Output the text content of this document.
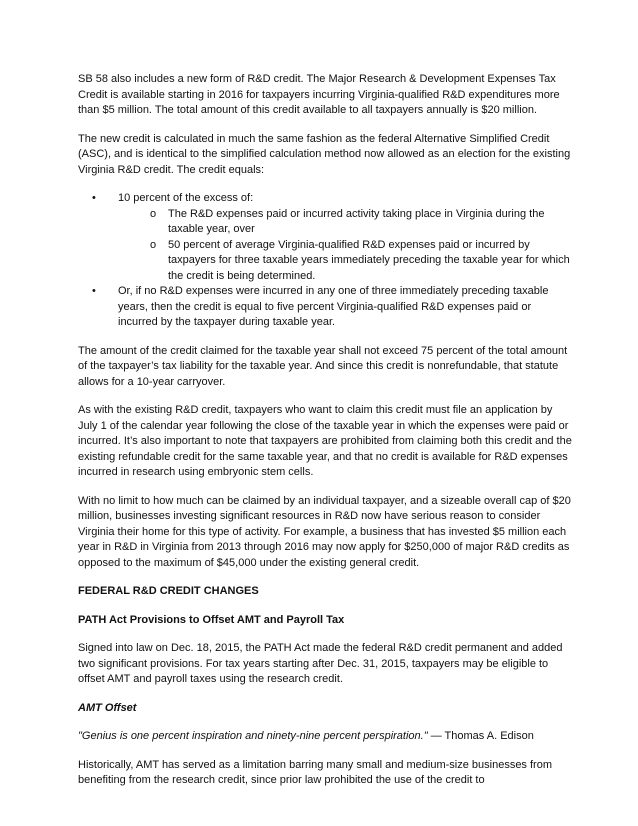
SB 58 also includes a new form of R&D credit. The Major Research & Development Expenses Tax Credit is available starting in 2016 for taxpayers incurring Virginia-qualified R&D expenditures more than $5 million. The total amount of this credit available to all taxpayers annually is $20 million.

The new credit is calculated in much the same fashion as the federal Alternative Simplified Credit (ASC), and is identical to the simplified calculation method now allowed as an election for the existing Virginia R&D credit. The credit equals:

• 10 percent of the excess of:
o The R&D expenses paid or incurred activity taking place in Virginia during the taxable year, over
o 50 percent of average Virginia-qualified R&D expenses paid or incurred by taxpayers for three taxable years immediately preceding the taxable year for which the credit is being determined.
• Or, if no R&D expenses were incurred in any one of three immediately preceding taxable years, then the credit is equal to five percent Virginia-qualified R&D expenses paid or incurred by the taxpayer during taxable year.

The amount of the credit claimed for the taxable year shall not exceed 75 percent of the total amount of the taxpayer’s tax liability for the taxable year. And since this credit is nonrefundable, that statute allows for a 10-year carryover.

As with the existing R&D credit, taxpayers who want to claim this credit must file an application by July 1 of the calendar year following the close of the taxable year in which the expenses were paid or incurred. It’s also important to note that taxpayers are prohibited from claiming both this credit and the existing refundable credit for the same taxable year, and that no credit is available for R&D expenses incurred in research using embryonic stem cells.

With no limit to how much can be claimed by an individual taxpayer, and a sizeable overall cap of $20 million, businesses investing significant resources in R&D now have serious reason to consider Virginia their home for this type of activity. For example, a business that has invested $5 million each year in R&D in Virginia from 2013 through 2016 may now apply for $250,000 of major R&D credits as opposed to the maximum of $45,000 under the existing general credit.

FEDERAL R&D CREDIT CHANGES
PATH Act Provisions to Offset AMT and Payroll Tax

Signed into law on Dec. 18, 2015, the PATH Act made the federal R&D credit permanent and added two significant provisions. For tax years starting after Dec. 31, 2015, taxpayers may be eligible to offset AMT and payroll taxes using the research credit.

AMT Offset

"Genius is one percent inspiration and ninety-nine percent perspiration." — Thomas A. Edison

Historically, AMT has served as a limitation barring many small and medium-size businesses from benefiting from the research credit, since prior law prohibited the use of the credit to
